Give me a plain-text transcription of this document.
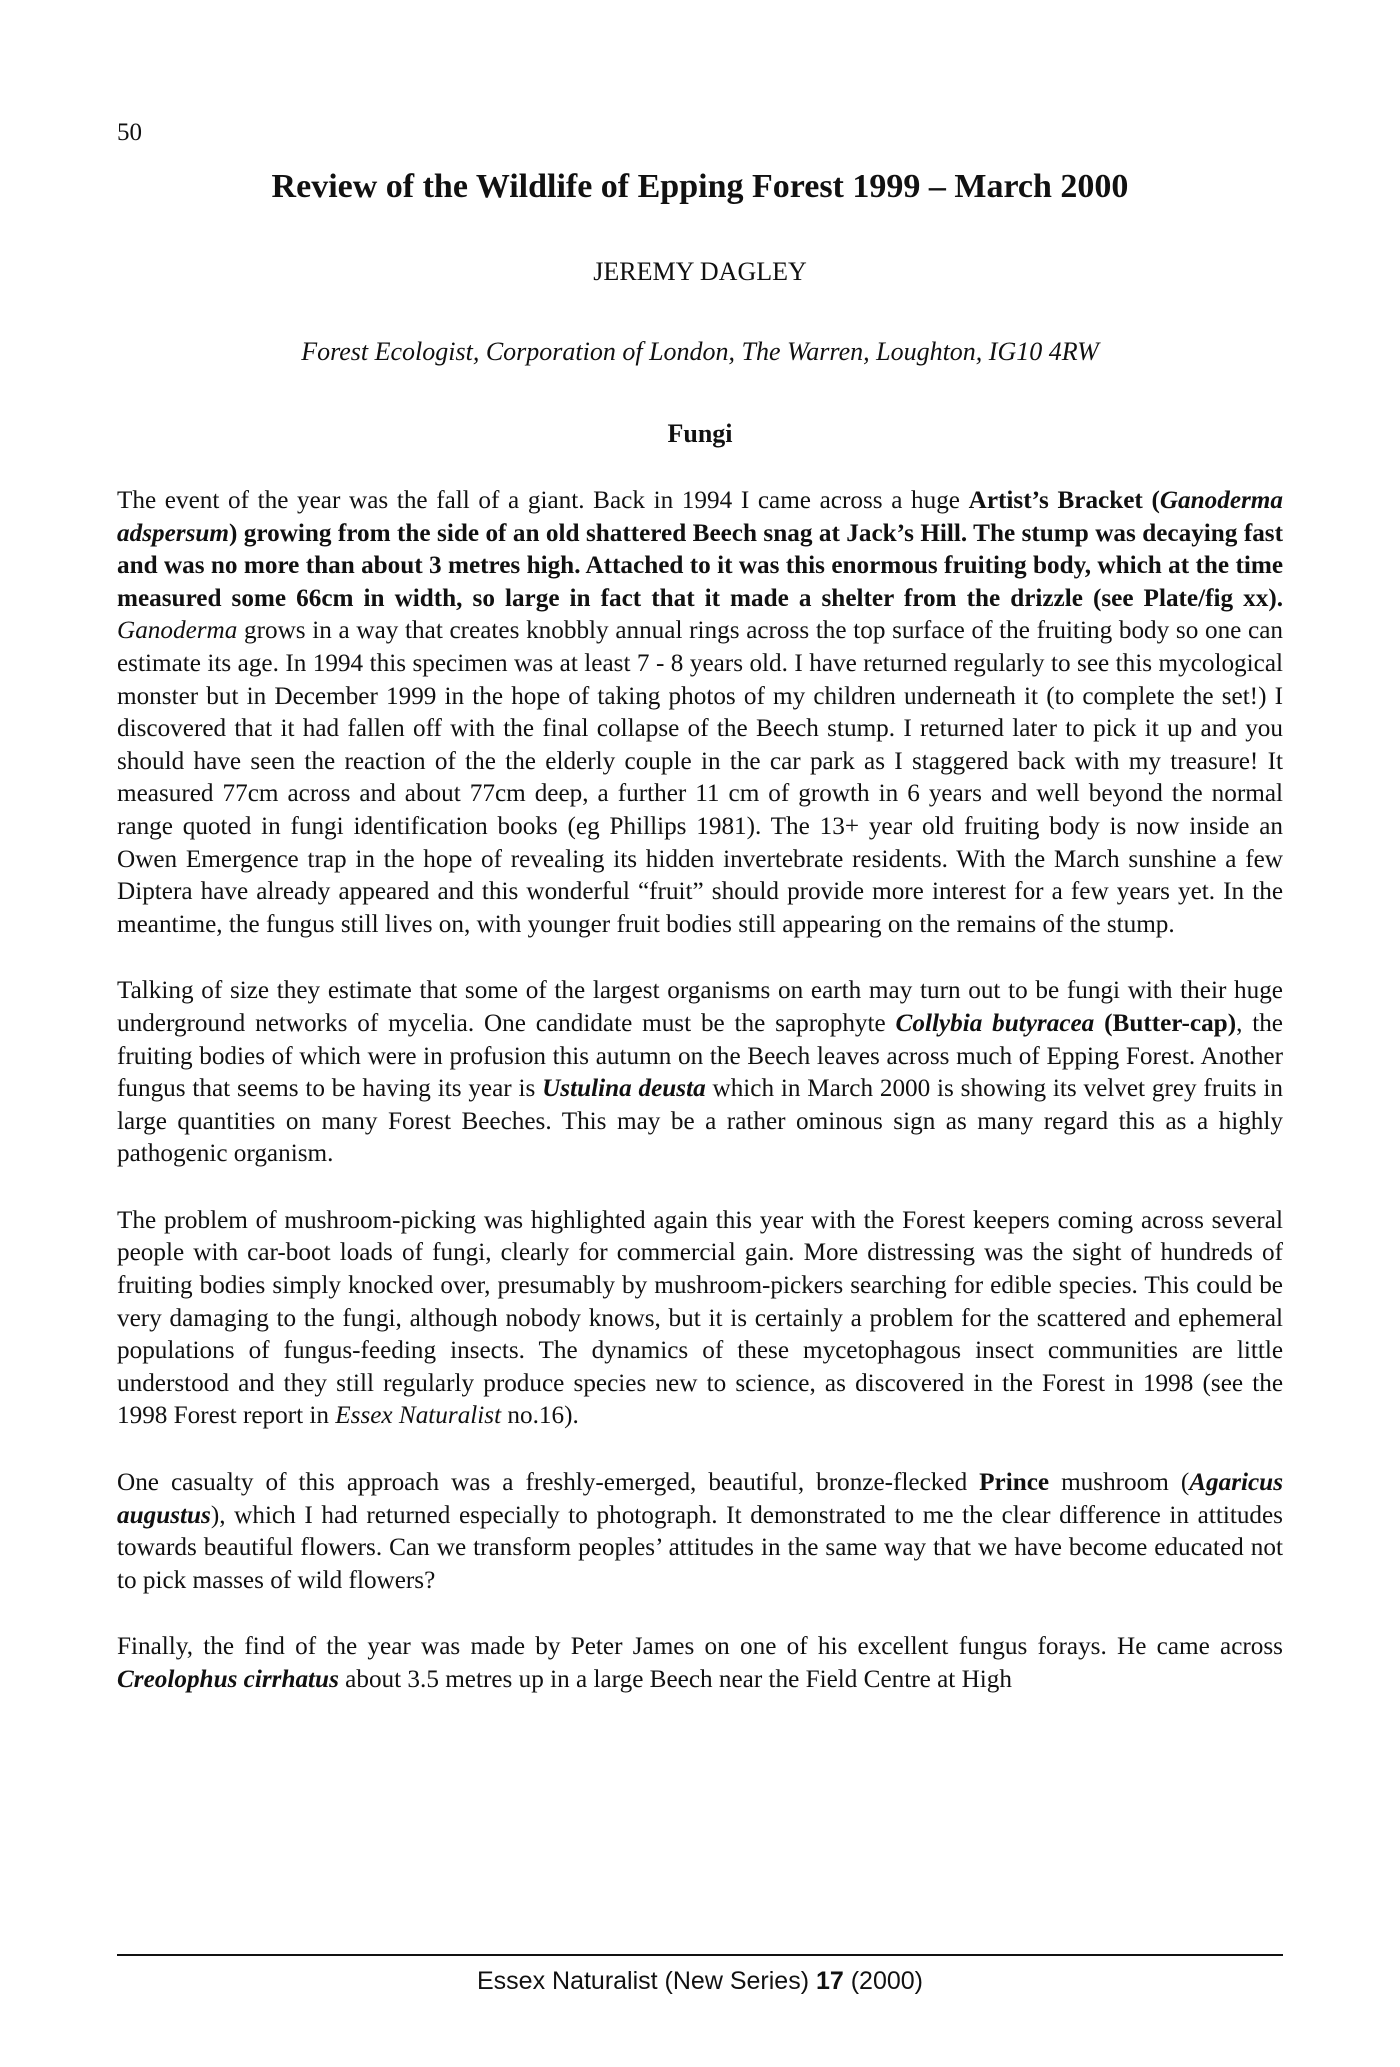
50
Review of the Wildlife of Epping Forest 1999 – March 2000
JEREMY DAGLEY
Forest Ecologist, Corporation of London, The Warren, Loughton, IG10 4RW
Fungi

The event of the year was the fall of a giant. Back in 1994 I came across a huge Artist’s Bracket (Ganoderma adspersum) growing from the side of an old shattered Beech snag at Jack’s Hill. The stump was decaying fast and was no more than about 3 metres high. Attached to it was this enormous fruiting body, which at the time measured some 66cm in width, so large in fact that it made a shelter from the drizzle (see Plate/fig xx). Ganoderma grows in a way that creates knobbly annual rings across the top surface of the fruiting body so one can estimate its age. In 1994 this specimen was at least 7 - 8 years old. I have returned regularly to see this mycological monster but in December 1999 in the hope of taking photos of my children underneath it (to complete the set!) I discovered that it had fallen off with the final collapse of the Beech stump. I returned later to pick it up and you should have seen the reaction of the the elderly couple in the car park as I staggered back with my treasure! It measured 77cm across and about 77cm deep, a further 11 cm of growth in 6 years and well beyond the normal range quoted in fungi identification books (eg Phillips 1981). The 13+ year old fruiting body is now inside an Owen Emergence trap in the hope of revealing its hidden invertebrate residents. With the March sunshine a few Diptera have already appeared and this wonderful “fruit” should provide more interest for a few years yet. In the meantime, the fungus still lives on, with younger fruit bodies still appearing on the remains of the stump.

Talking of size they estimate that some of the largest organisms on earth may turn out to be fungi with their huge underground networks of mycelia. One candidate must be the saprophyte Collybia butyracea (Butter-cap), the fruiting bodies of which were in profusion this autumn on the Beech leaves across much of Epping Forest. Another fungus that seems to be having its year is Ustulina deusta which in March 2000 is showing its velvet grey fruits in large quantities on many Forest Beeches. This may be a rather ominous sign as many regard this as a highly pathogenic organism.

The problem of mushroom-picking was highlighted again this year with the Forest keepers coming across several people with car-boot loads of fungi, clearly for commercial gain. More distressing was the sight of hundreds of fruiting bodies simply knocked over, presumably by mushroom-pickers searching for edible species. This could be very damaging to the fungi, although nobody knows, but it is certainly a problem for the scattered and ephemeral populations of fungus-feeding insects. The dynamics of these mycetophagous insect communities are little understood and they still regularly produce species new to science, as discovered in the Forest in 1998 (see the 1998 Forest report in Essex Naturalist no.16).

One casualty of this approach was a freshly-emerged, beautiful, bronze-flecked Prince mushroom (Agaricus augustus), which I had returned especially to photograph. It demonstrated to me the clear difference in attitudes towards beautiful flowers. Can we transform peoples’ attitudes in the same way that we have become educated not to pick masses of wild flowers?

Finally, the find of the year was made by Peter James on one of his excellent fungus forays. He came across Creolophus cirrhatus about 3.5 metres up in a large Beech near the Field Centre at High

Essex Naturalist (New Series) 17 (2000)
